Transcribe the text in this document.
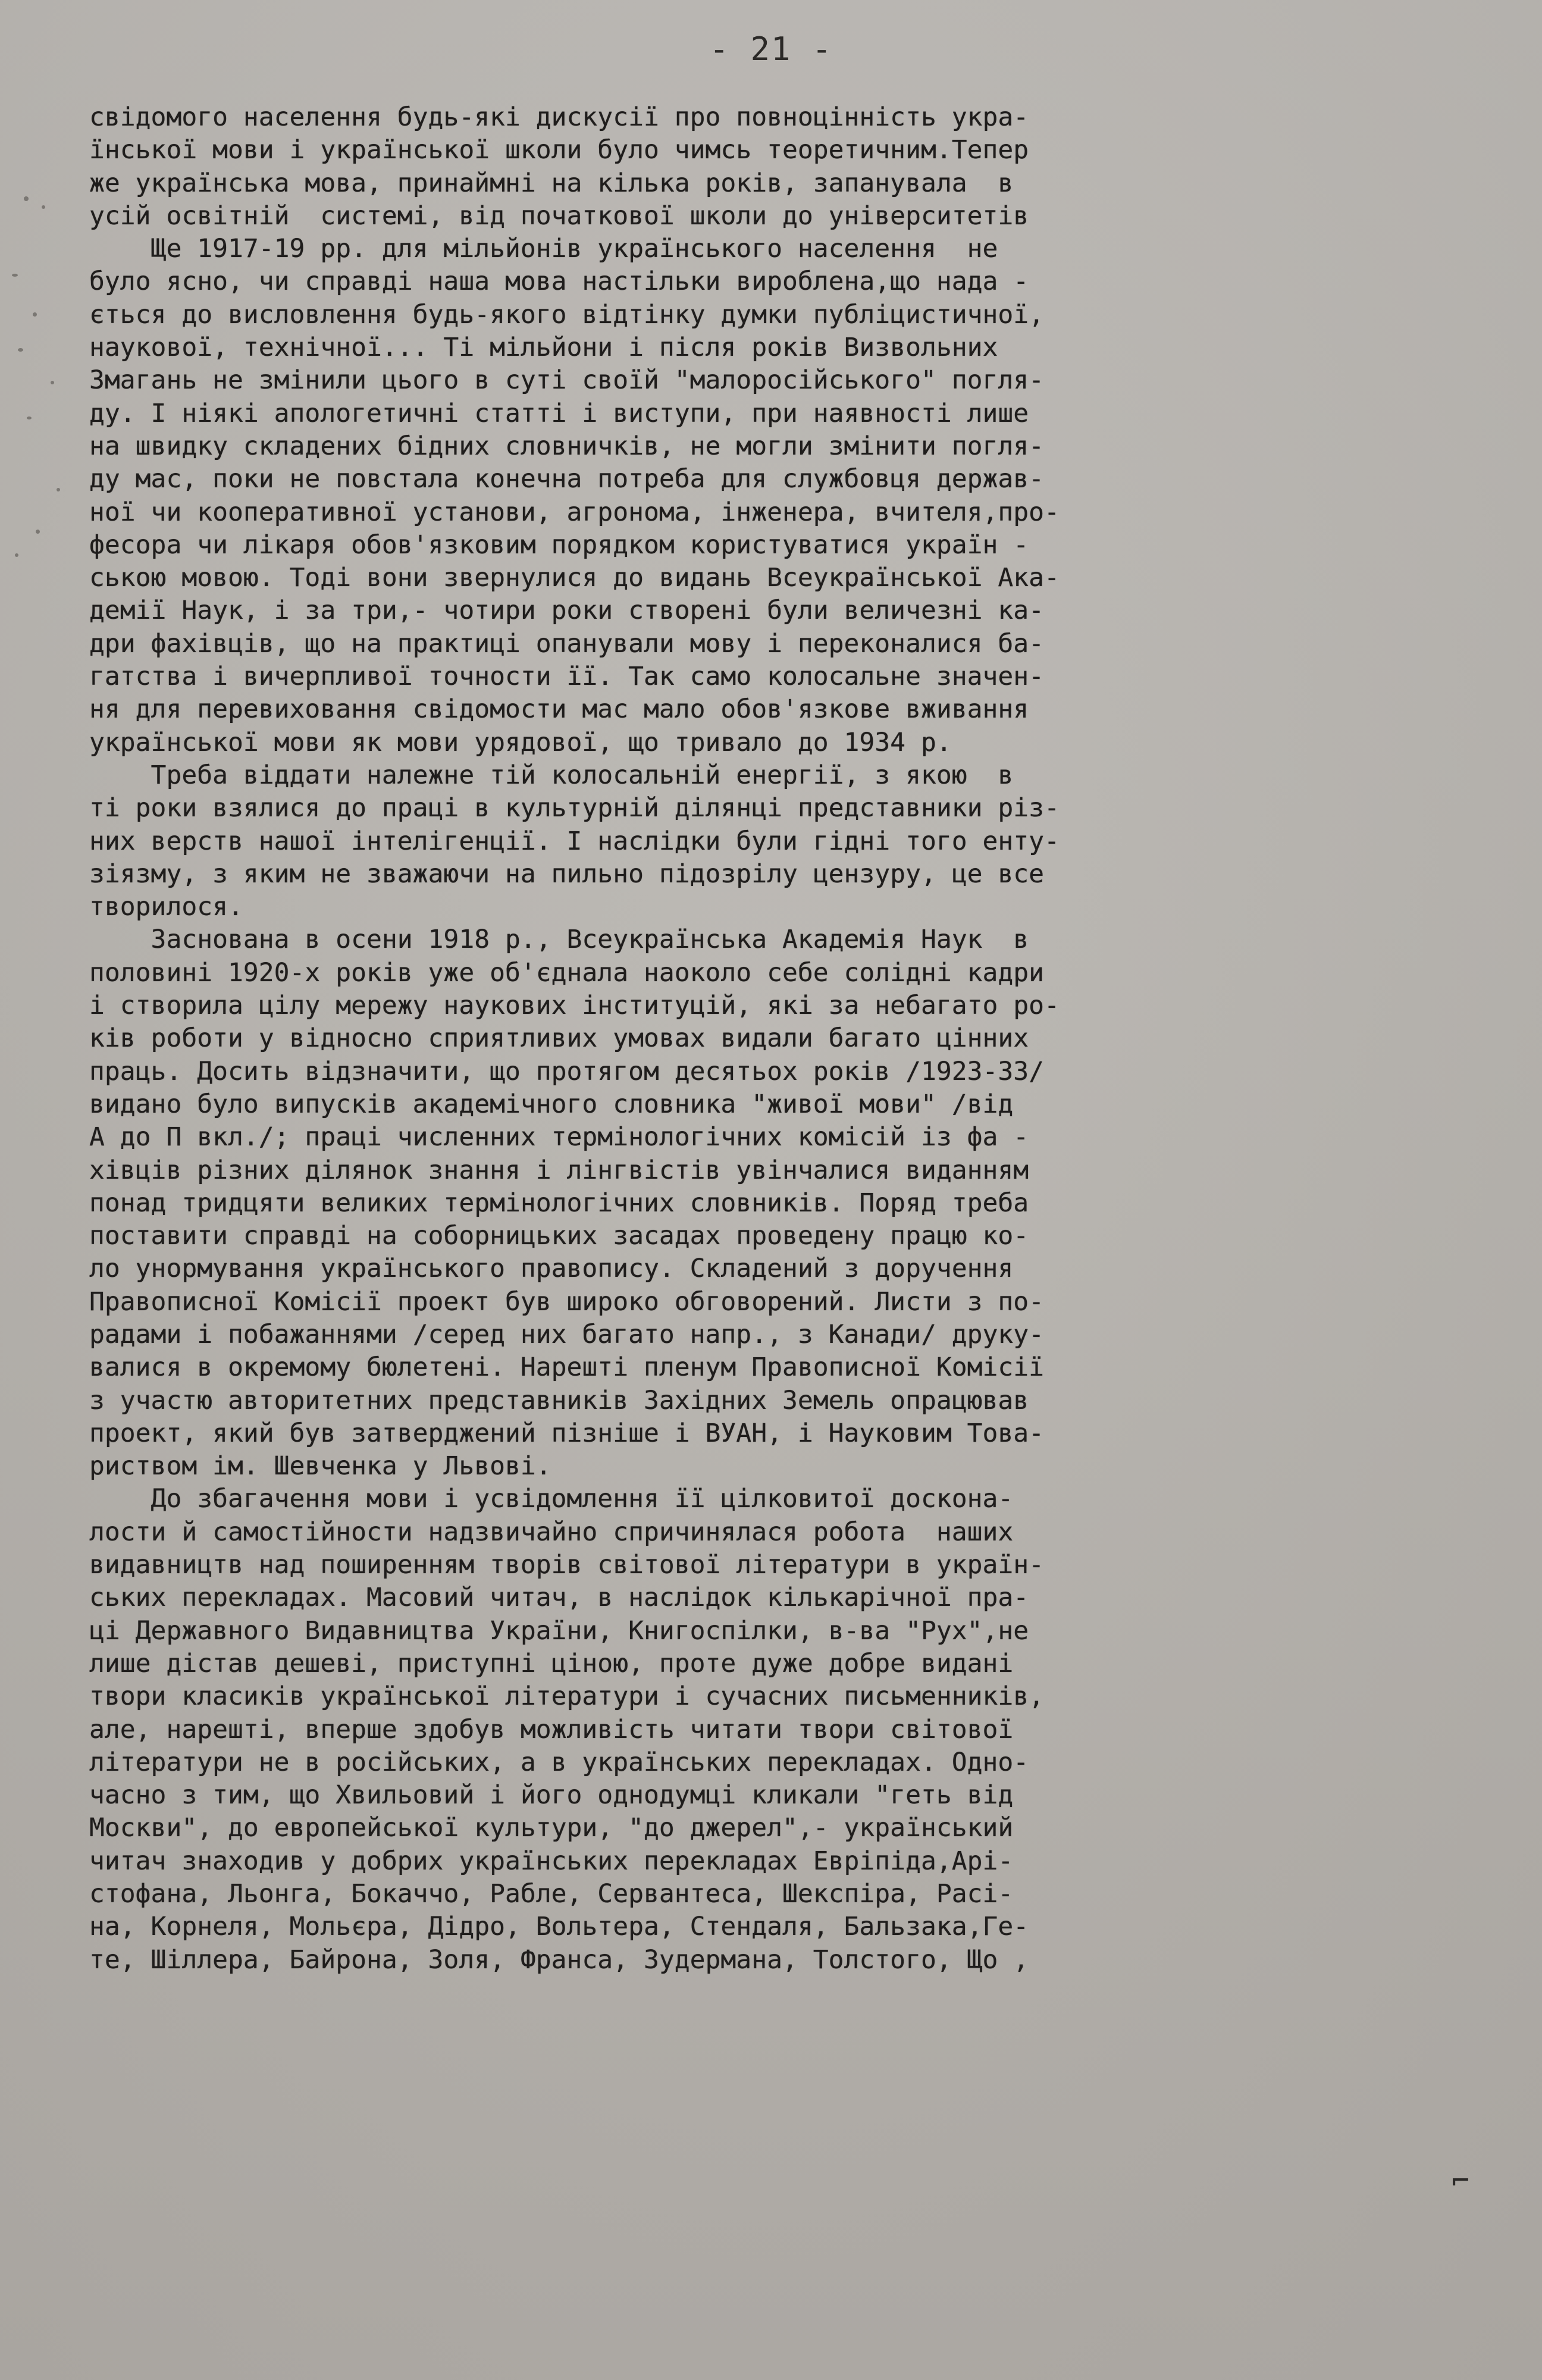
- 21 -
свідомого населення будь-які дискусії про повноцінність укра-
їнської мови і української школи було чимсь теоретичним.Тепер
же українська мова, принаймні на кілька років, запанувала  в
усій освітній  системі, від початкової школи до університетів
Ще 1917-19 рр. для мільйонів українського населення  не
було ясно, чи справді наша мова настільки вироблена,що нада -
ється до висловлення будь-якого відтінку думки публіцистичної,
наукової, технічної... Ті мільйони і після років Визвольних
Змагань не змінили цього в суті своїй "малоросійського" погля-
ду. І ніякі апологетичні статті і виступи, при наявності лише
на швидку складених бідних словничків, не могли змінити погля-
ду мас, поки не повстала конечна потреба для службовця держав-
ної чи кооперативної установи, агронома, інженера, вчителя,про-
фесора чи лікаря обов'язковим порядком користуватися україн -
ською мовою. Тоді вони звернулися до видань Всеукраїнської Ака-
демії Наук, і за три,- чотири роки створені були величезні ка-
дри фахівців, що на практиці опанували мову і переконалися ба-
гатства і вичерпливої точности її. Так само колосальне значен-
ня для перевиховання свідомости мас мало обов'язкове вживання
української мови як мови урядової, що тривало до 1934 р.
Треба віддати належне тій колосальній енергії, з якою  в
ті роки взялися до праці в культурній ділянці представники різ-
них верств нашої інтелігенції. І наслідки були гідні того енту-
зіязму, з яким не зважаючи на пильно підозрілу цензуру, це все
творилося.
Заснована в осени 1918 р., Всеукраїнська Академія Наук  в
половині 1920-х років уже об'єднала наоколо себе солідні кадри
і створила цілу мережу наукових інституцій, які за небагато ро-
ків роботи у відносно сприятливих умовах видали багато цінних
праць. Досить відзначити, що протягом десятьох років /1923-33/
видано було випусків академічного словника "живої мови" /від
А до П вкл./; праці численних термінологічних комісій із фа -
хівців різних ділянок знання і лінгвістів увінчалися виданням
понад тридцяти великих термінологічних словників. Поряд треба
поставити справді на соборницьких засадах проведену працю ко-
ло унормування українського правопису. Складений з доручення
Правописної Комісії проект був широко обговорений. Листи з по-
радами і побажаннями /серед них багато напр., з Канади/ друку-
валися в окремому бюлетені. Нарешті пленум Правописної Комісії
з участю авторитетних представників Західних Земель опрацював
проект, який був затверджений пізніше і ВУАН, і Науковим Това-
риством ім. Шевченка у Львові.
До збагачення мови і усвідомлення її цілковитої доскона-
лости й самостійности надзвичайно спричинялася робота  наших
видавництв над поширенням творів світової літератури в україн-
ських перекладах. Масовий читач, в наслідок кількарічної пра-
ці Державного Видавництва України, Книгоспілки, в-ва "Рух",не
лише дістав дешеві, приступні ціною, проте дуже добре видані
твори класиків української літератури і сучасних письменників,
але, нарешті, вперше здобув можливість читати твори світової
літератури не в російських, а в українських перекладах. Одно-
часно з тим, що Хвильовий і його однодумці кликали "геть від
Москви", до европейської культури, "до джерел",- український
читач знаходив у добрих українських перекладах Евріпіда,Арі-
стофана, Льонга, Бокаччо, Рабле, Сервантеса, Шекспіра, Расі-
на, Корнеля, Мольєра, Дідро, Вольтера, Стендаля, Бальзака,Ге-
те, Шіллера, Байрона, Золя, Франса, Зудермана, Толстого, Що ,
⌐
